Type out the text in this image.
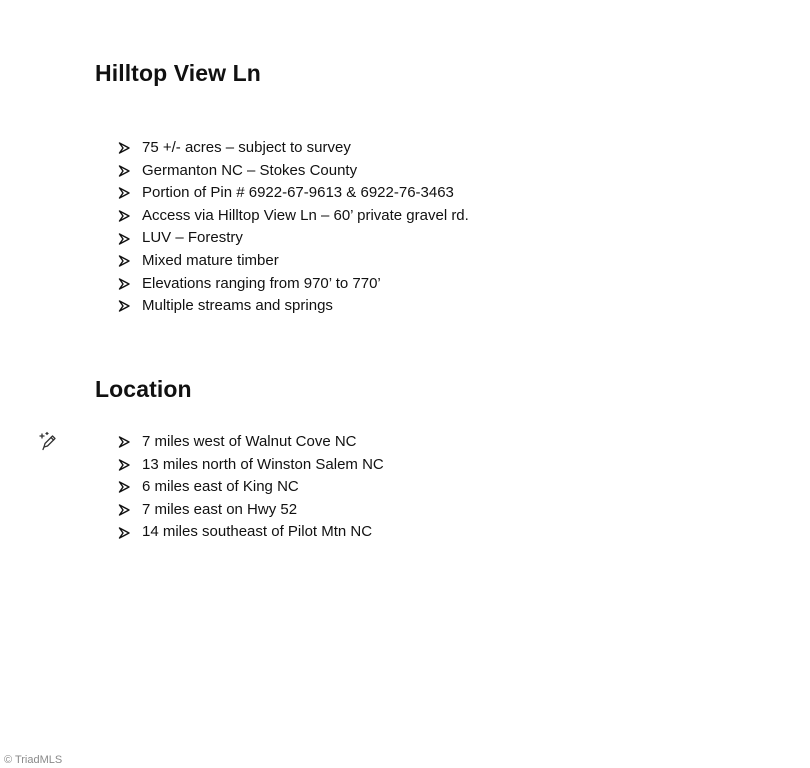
Hilltop View Ln
75 +/- acres – subject to survey
Germanton NC – Stokes County
Portion of Pin # 6922-67-9613 & 6922-76-3463
Access via Hilltop View Ln – 60’ private gravel rd.
LUV – Forestry
Mixed mature timber
Elevations ranging from 970’ to 770’
Multiple streams and springs
Location
7 miles west of Walnut Cove NC
13 miles north of Winston Salem NC
6 miles east of King NC
7 miles east on Hwy 52
14 miles southeast of Pilot Mtn NC
© TriadMLS
